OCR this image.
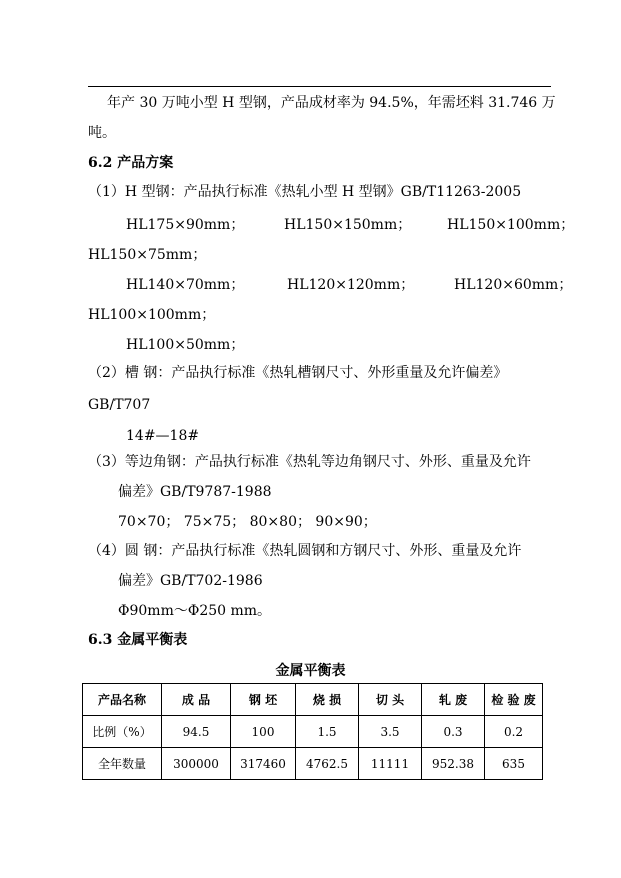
年产 30 万吨小型 H 型钢，产品成材率为 94.5%，年需坯料 31.746 万
吨。
6.2 产品方案
（1）H 型钢：产品执行标准《热轧小型 H 型钢》GB/T11263-2005
HL175×90mm；	HL150×150mm；	HL150×100mm；
HL150×75mm；
HL140×70mm；	HL120×120mm；	HL120×60mm；
HL100×100mm；
HL100×50mm；
（2）槽 钢：产品执行标准《热轧槽钢尺寸、外形重量及允许偏差》
GB/T707
14#—18#
（3）等边角钢：产品执行标准《热轧等边角钢尺寸、外形、重量及允许
偏差》GB/T9787-1988
70×70； 75×75； 80×80； 90×90；
（4）圆 钢：产品执行标准《热轧圆钢和方钢尺寸、外形、重量及允许
偏差》GB/T702-1986
Φ90mm～Φ250 mm。
6.3 金属平衡表
金属平衡表
产品名称	成 品	钢 坯	烧 损	切 头	轧 废	检 验 废
比例（%）	94.5	100	1.5	3.5	0.3	0.2
全年数量	300000	317460	4762.5	11111	952.38	635
